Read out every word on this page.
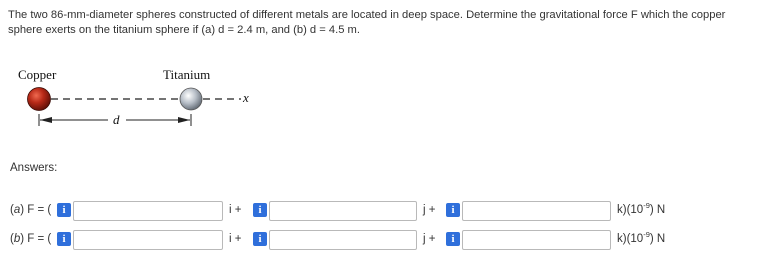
The two 86-mm-diameter spheres constructed of different metals are located in deep space. Determine the gravitational force F which the copper sphere exerts on the titanium sphere if (a) d = 2.4 m, and (b) d = 4.5 m.
Copper	Titanium
x
d
Answers:
(a) F = (	i	i +	i	j +	i	$k)(10^{-9})$ N
(b) F = (	i	i +	i	j +	i	$k)(10^{-9})$ N
